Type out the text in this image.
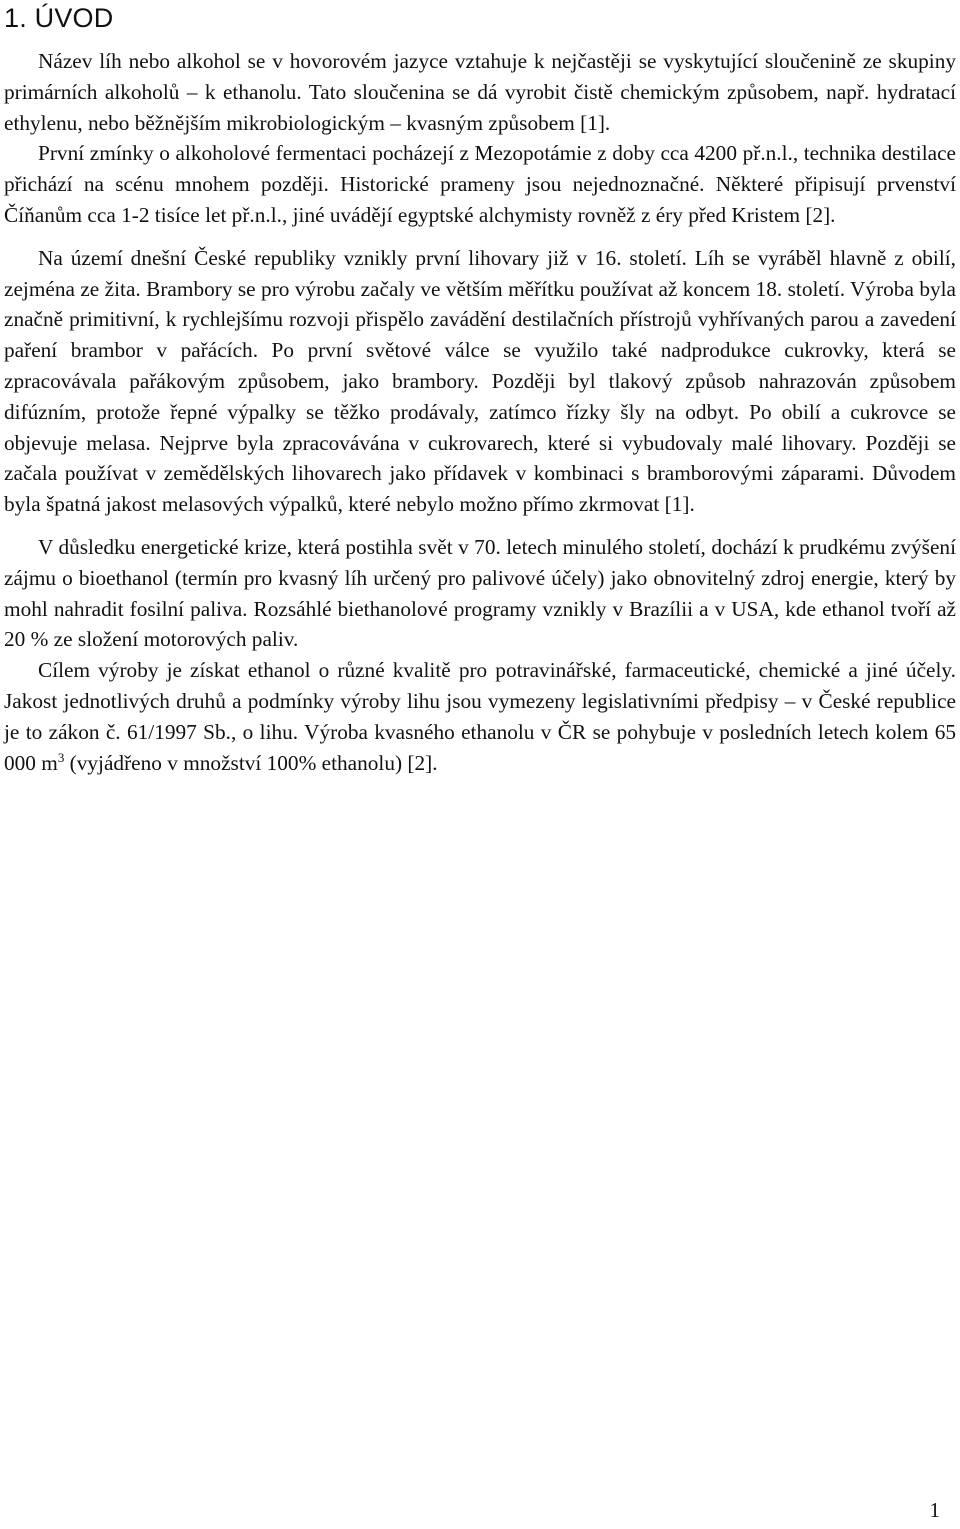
1. ÚVOD

Název líh nebo alkohol se v hovorovém jazyce vztahuje k nejčastěji se vyskytující sloučenině ze skupiny primárních alkoholů – k ethanolu. Tato sloučenina se dá vyrobit čistě chemickým způsobem, např. hydratací ethylenu, nebo běžnějším mikrobiologickým – kvasným způsobem [1].

První zmínky o alkoholové fermentaci pocházejí z Mezopotámie z doby cca 4200 př.n.l., technika destilace přichází na scénu mnohem později. Historické prameny jsou nejednoznačné. Některé připisují prvenství Číňanům cca 1-2 tisíce let př.n.l., jiné uvádějí egyptské alchymisty rovněž z éry před Kristem [2].

Na území dnešní České republiky vznikly první lihovary již v 16. století. Líh se vyráběl hlavně z obilí, zejména ze žita. Brambory se pro výrobu začaly ve větším měřítku používat až koncem 18. století. Výroba byla značně primitivní, k rychlejšímu rozvoji přispělo zavádění destilačních přístrojů vyhřívaných parou a zavedení paření brambor v pařácích. Po první světové válce se využilo také nadprodukce cukrovky, která se zpracovávala pařákovým způsobem, jako brambory. Později byl tlakový způsob nahrazován způsobem difúzním, protože řepné výpalky se těžko prodávaly, zatímco řízky šly na odbyt. Po obilí a cukrovce se objevuje melasa. Nejprve byla zpracovávána v cukrovarech, které si vybudovaly malé lihovary. Později se začala používat v zemědělských lihovarech jako přídavek v kombinaci s bramborovými záparami. Důvodem byla špatná jakost melasových výpalků, které nebylo možno přímo zkrmovat [1].

V důsledku energetické krize, která postihla svět v 70. letech minulého století, dochází k prudkému zvýšení zájmu o bioethanol (termín pro kvasný líh určený pro palivové účely) jako obnovitelný zdroj energie, který by mohl nahradit fosilní paliva. Rozsáhlé biethanolové programy vznikly v Brazílii a v USA, kde ethanol tvoří až 20 % ze složení motorových paliv.

Cílem výroby je získat ethanol o různé kvalitě pro potravinářské, farmaceutické, chemické a jiné účely. Jakost jednotlivých druhů a podmínky výroby lihu jsou vymezeny legislativními předpisy – v České republice je to zákon č. 61/1997 Sb., o lihu. Výroba kvasného ethanolu v ČR se pohybuje v posledních letech kolem 65 000 $m^3$ (vyjádřeno v množství 100% ethanolu) [2].

1
